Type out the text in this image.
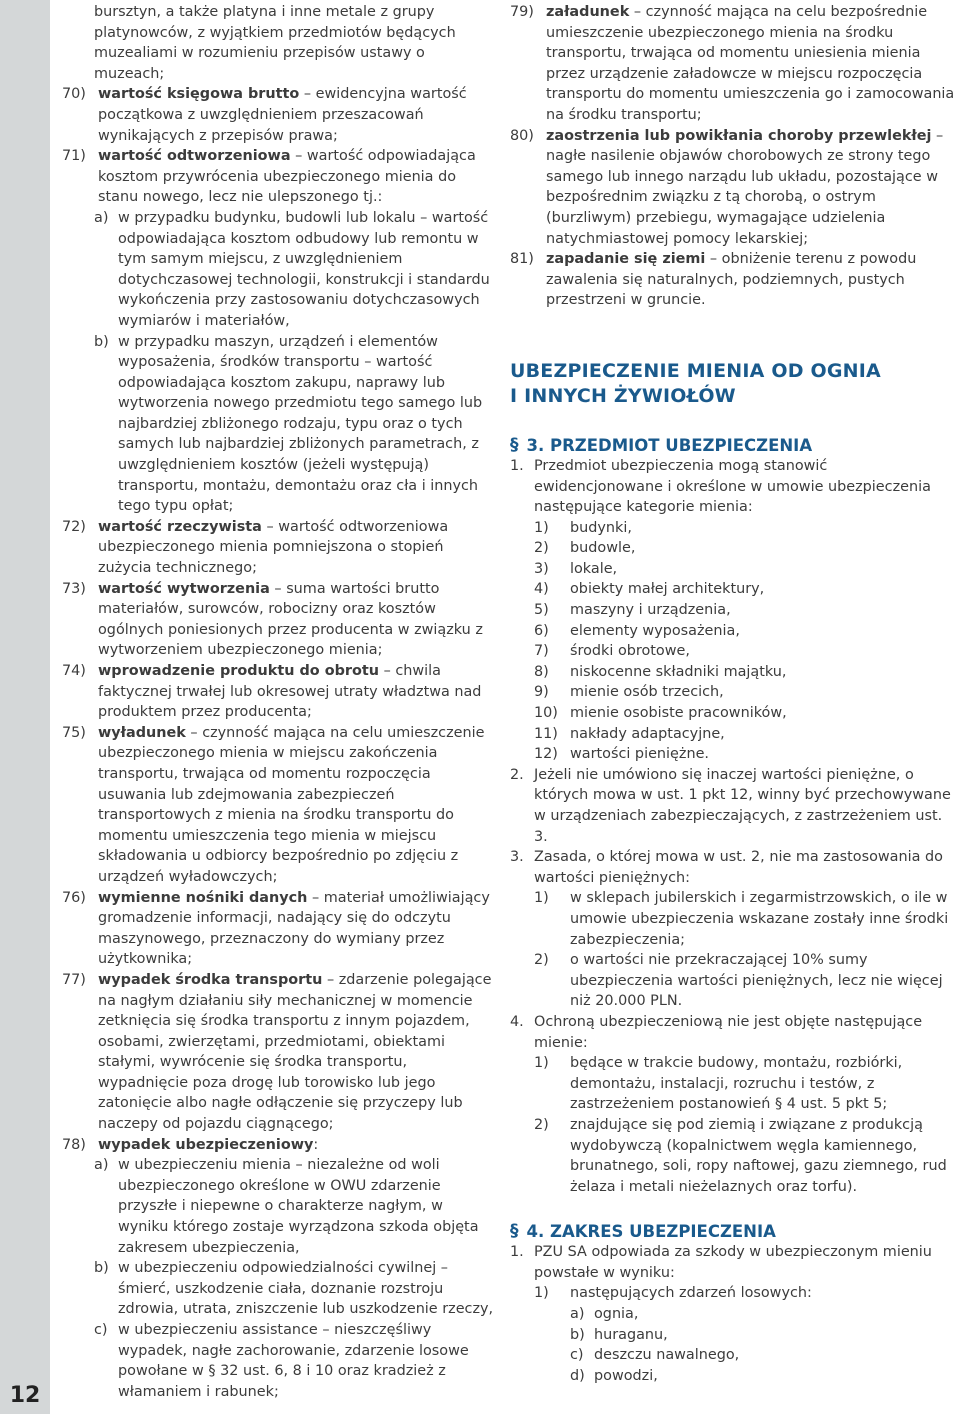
12

bursztyn, a także platyna i inne metale z grupy platynowców, z wyjątkiem przedmiotów będących muzealiami w rozumieniu przepisów ustawy o muzeach;

70) wartość księgowa brutto – ewidencyjna wartość początkowa z uwzględnieniem przeszacowań wynikających z przepisów prawa;
71) wartość odtworzeniowa – wartość odpowiadająca kosztom przywrócenia ubezpieczonego mienia do stanu nowego, lecz nie ulepszonego tj.:
a) w przypadku budynku, budowli lub lokalu – wartość odpowiadająca kosztom odbudowy lub remontu w tym samym miejscu, z uwzględnieniem dotychczasowej technologii, konstrukcji i standardu wykończenia przy zastosowaniu dotychczasowych wymiarów i materiałów,
b) w przypadku maszyn, urządzeń i elementów wyposażenia, środków transportu – wartość odpowiadająca kosztom zakupu, naprawy lub wytworzenia nowego przedmiotu tego samego lub najbardziej zbliżonego rodzaju, typu oraz o tych samych lub najbardziej zbliżonych parametrach, z uwzględnieniem kosztów (jeżeli występują) transportu, montażu, demontażu oraz cła i innych tego typu opłat;
72) wartość rzeczywista – wartość odtworzeniowa ubezpieczonego mienia pomniejszona o stopień zużycia technicznego;
73) wartość wytworzenia – suma wartości brutto materiałów, surowców, robocizny oraz kosztów ogólnych poniesionych przez producenta w związku z wytworzeniem ubezpieczonego mienia;
74) wprowadzenie produktu do obrotu – chwila faktycznej trwałej lub okresowej utraty władztwa nad produktem przez producenta;
75) wyładunek – czynność mająca na celu umieszczenie ubezpieczonego mienia w miejscu zakończenia transportu, trwająca od momentu rozpoczęcia usuwania lub zdejmowania zabezpieczeń transportowych z mienia na środku transportu do momentu umieszczenia tego mienia w miejscu składowania u odbiorcy bezpośrednio po zdjęciu z urządzeń wyładowczych;
76) wymienne nośniki danych – materiał umożliwiający gromadzenie informacji, nadający się do odczytu maszynowego, przeznaczony do wymiany przez użytkownika;
77) wypadek środka transportu – zdarzenie polegające na nagłym działaniu siły mechanicznej w momencie zetknięcia się środka transportu z innym pojazdem, osobami, zwierzętami, przedmiotami, obiektami stałymi, wywrócenie się środka transportu, wypadnięcie poza drogę lub torowisko lub jego zatonięcie albo nagłe odłączenie się przyczepy lub naczepy od pojazdu ciągnącego;
78) wypadek ubezpieczeniowy:
a) w ubezpieczeniu mienia – niezależne od woli ubezpieczonego określone w OWU zdarzenie przyszłe i niepewne o charakterze nagłym, w wyniku którego zostaje wyrządzona szkoda objęta zakresem ubezpieczenia,
b) w ubezpieczeniu odpowiedzialności cywilnej – śmierć, uszkodzenie ciała, doznanie rozstroju zdrowia, utrata, zniszczenie lub uszkodzenie rzeczy,
c) w ubezpieczeniu assistance – nieszczęśliwy wypadek, nagłe zachorowanie, zdarzenie losowe powołane w § 32 ust. 6, 8 i 10 oraz kradzież z włamaniem i rabunek;
79) załadunek – czynność mająca na celu bezpośrednie umieszczenie ubezpieczonego mienia na środku transportu, trwająca od momentu uniesienia mienia przez urządzenie załadowcze w miejscu rozpoczęcia transportu do momentu umieszczenia go i zamocowania na środku transportu;
80) zaostrzenia lub powikłania choroby przewlekłej – nagłe nasilenie objawów chorobowych ze strony tego samego lub innego narządu lub układu, pozostające w bezpośrednim związku z tą chorobą, o ostrym (burzliwym) przebiegu, wymagające udzielenia natychmiastowej pomocy lekarskiej;
81) zapadanie się ziemi – obniżenie terenu z powodu zawalenia się naturalnych, podziemnych, pustych przestrzeni w gruncie.
UBEZPIECZENIE MIENIA OD OGNIA
I INNYCH ŻYWIOŁÓW
§ 3. PRZEDMIOT UBEZPIECZENIA
1. Przedmiot ubezpieczenia mogą stanowić ewidencjonowane i określone w umowie ubezpieczenia następujące kategorie mienia:
1)	budynki,
2)	budowle,
3)	lokale,
4)	obiekty małej architektury,
5)	maszyny i urządzenia,
6)	elementy wyposażenia,
7)	środki obrotowe,
8)	niskocenne składniki majątku,
9)	mienie osób trzecich,
10) mienie osobiste pracowników,
11) nakłady adaptacyjne,
12) wartości pieniężne.
2. Jeżeli nie umówiono się inaczej wartości pieniężne, o których mowa w ust. 1 pkt 12, winny być przechowywane w urządzeniach zabezpieczających, z zastrzeżeniem ust. 3.
3. Zasada, o której mowa w ust. 2, nie ma zastosowania do wartości pieniężnych:
1)	w sklepach jubilerskich i zegarmistrzowskich, o ile w umowie ubezpieczenia wskazane zostały inne środki zabezpieczenia;
2)	o wartości nie przekraczającej 10% sumy ubezpieczenia wartości pieniężnych, lecz nie więcej niż 20.000 PLN.
4. Ochroną ubezpieczeniową nie jest objęte następujące mienie:
1)	będące w trakcie budowy, montażu, rozbiórki, demontażu, instalacji, rozruchu i testów, z zastrzeżeniem postanowień § 4 ust. 5 pkt 5;
2)	znajdujące się pod ziemią i związane z produkcją wydobywczą (kopalnictwem węgla kamiennego, brunatnego, soli, ropy naftowej, gazu ziemnego, rud żelaza i metali nieżelaznych oraz torfu).
§ 4. ZAKRES UBEZPIECZENIA
1. PZU SA odpowiada za szkody w ubezpieczonym mieniu powstałe w wyniku:
1)	następujących zdarzeń losowych:
a) ognia,
b) huraganu,
c) deszczu nawalnego,
d) powodzi,
